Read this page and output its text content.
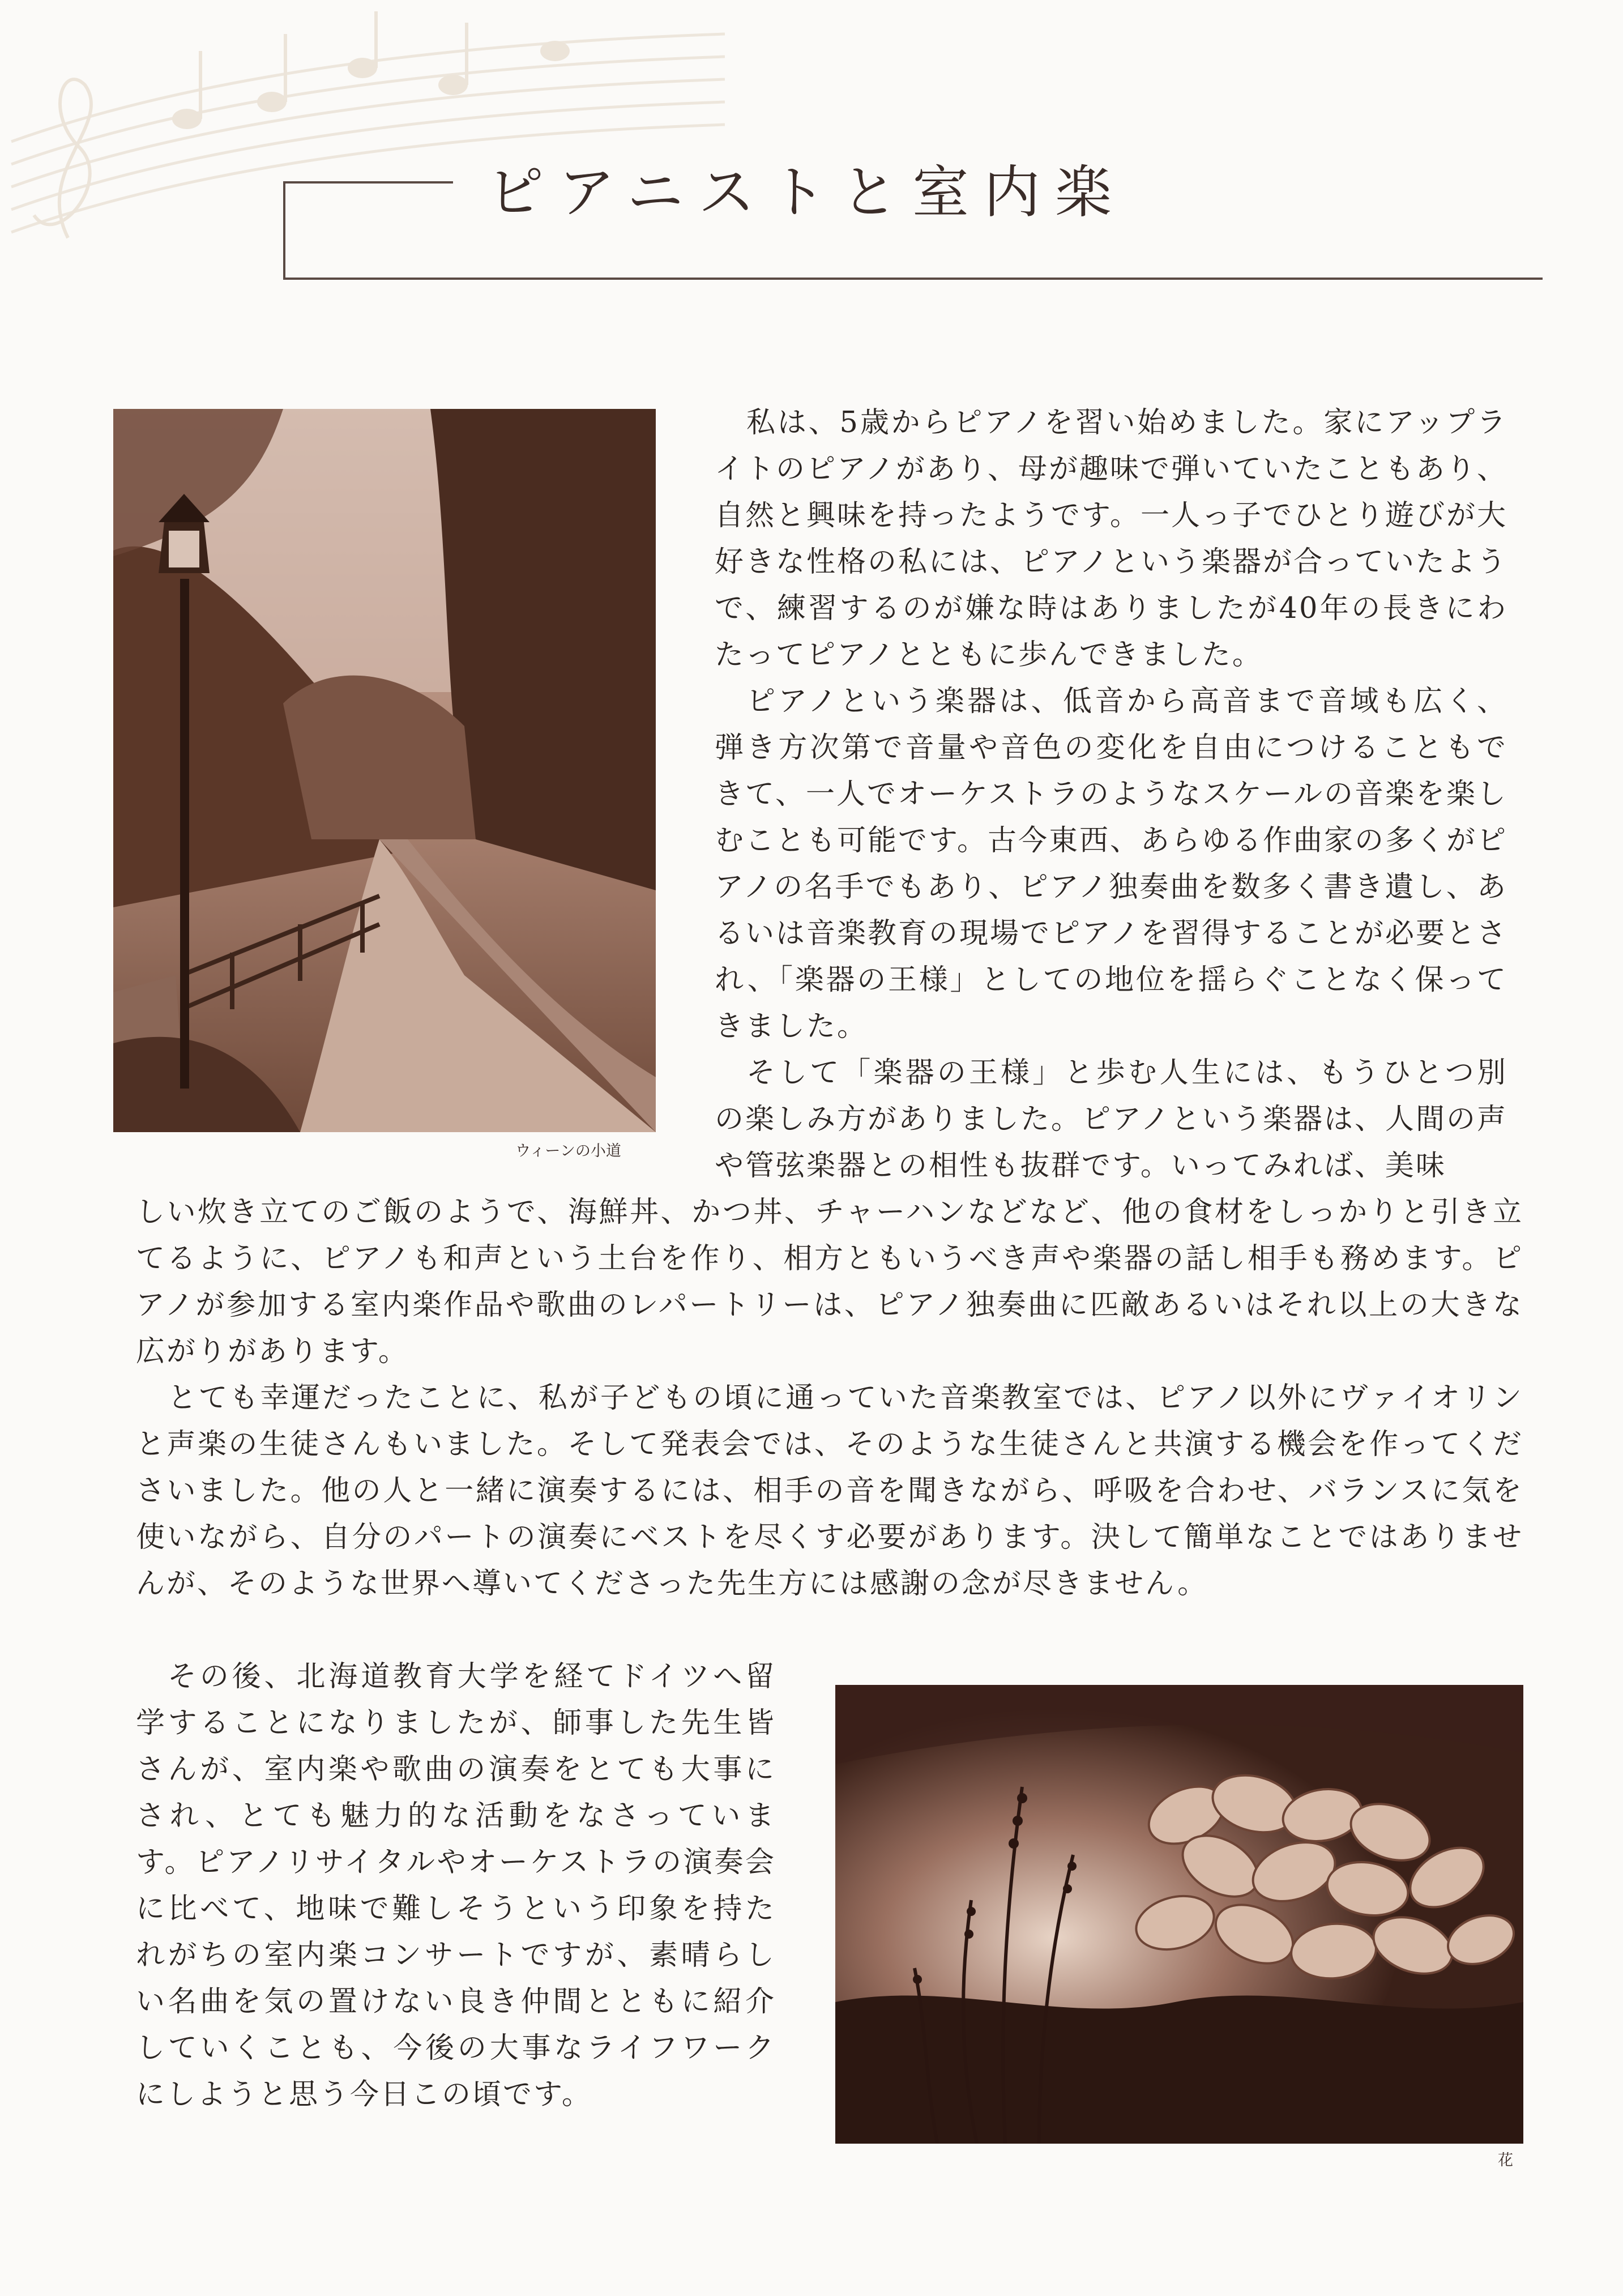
ピアニストと室内楽
ウィーンの小道
花

私は、5歳からピアノを習い始めました。家にアップライトのピアノがあり、母が趣味で弾いていたこともあり、自然と興味を持ったようです。一人っ子でひとり遊びが大好きな性格の私には、ピアノという楽器が合っていたようで、練習するのが嫌な時はありましたが40年の長きにわたってピアノとともに歩んできました。

ピアノという楽器は、低音から高音まで音域も広く、弾き方次第で音量や音色の変化を自由につけることもできて、一人でオーケストラのようなスケールの音楽を楽しむことも可能です。古今東西、あらゆる作曲家の多くがピアノの名手でもあり、ピアノ独奏曲を数多く書き遺し、あるいは音楽教育の現場でピアノを習得することが必要とされ、「楽器の王様」としての地位を揺らぐことなく保ってきました。

そして「楽器の王様」と歩む人生には、もうひとつ別の楽しみ方がありました。ピアノという楽器は、人間の声や管弦楽器との相性も抜群です。いってみれば、美味

しい炊き立てのご飯のようで、海鮮丼、かつ丼、チャーハンなどなど、他の食材をしっかりと引き立てるように、ピアノも和声という土台を作り、相方ともいうべき声や楽器の話し相手も務めます。ピアノが参加する室内楽作品や歌曲のレパートリーは、ピアノ独奏曲に匹敵あるいはそれ以上の大きな広がりがあります。

とても幸運だったことに、私が子どもの頃に通っていた音楽教室では、ピアノ以外にヴァイオリンと声楽の生徒さんもいました。そして発表会では、そのような生徒さんと共演する機会を作ってくださいました。他の人と一緒に演奏するには、相手の音を聞きながら、呼吸を合わせ、バランスに気を使いながら、自分のパートの演奏にベストを尽くす必要があります。決して簡単なことではありませんが、そのような世界へ導いてくださった先生方には感謝の念が尽きません。

その後、北海道教育大学を経てドイツへ留学することになりましたが、師事した先生皆さんが、室内楽や歌曲の演奏をとても大事にされ、とても魅力的な活動をなさっています。ピアノリサイタルやオーケストラの演奏会に比べて、地味で難しそうという印象を持たれがちの室内楽コンサートですが、素晴らしい名曲を気の置けない良き仲間とともに紹介していくことも、今後の大事なライフワークにしようと思う今日この頃です。
